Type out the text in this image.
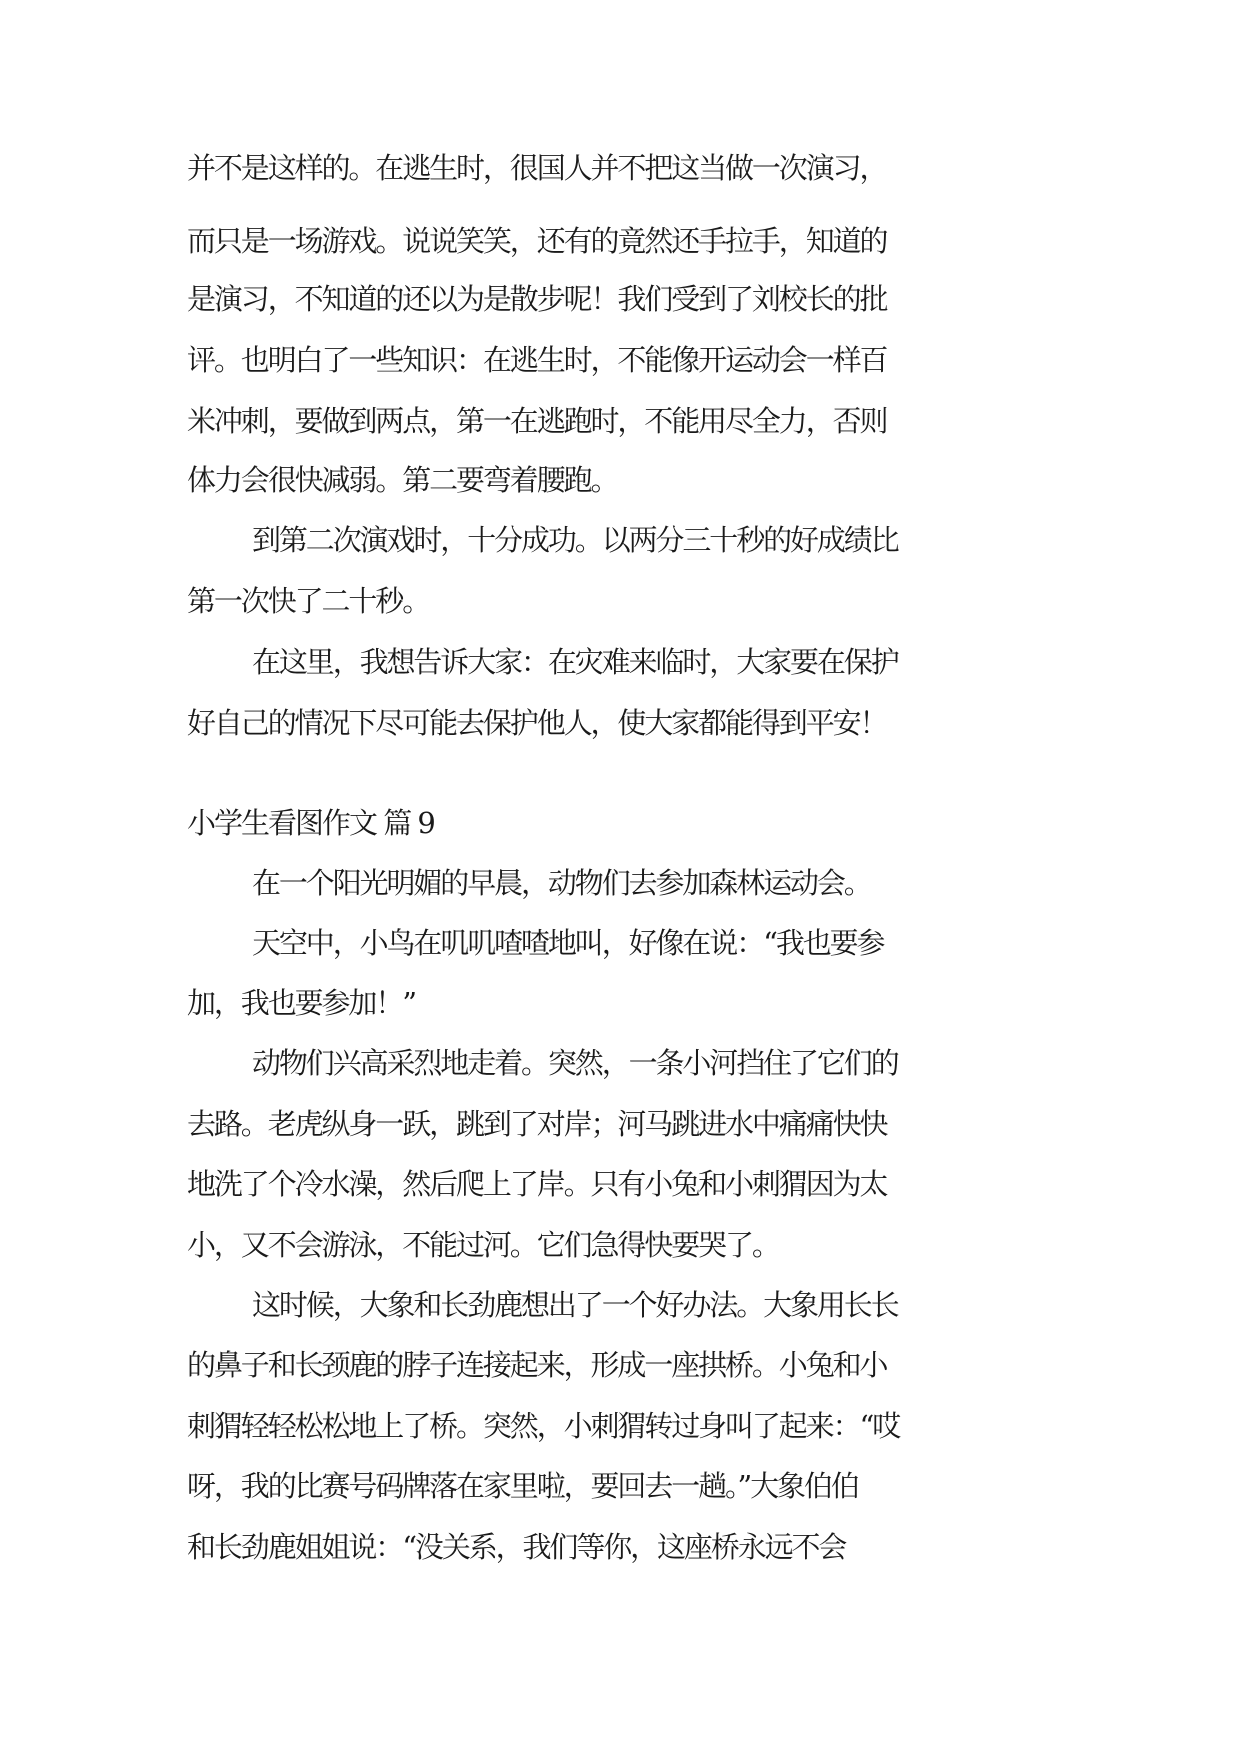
并不是这样的。在逃生时，很国人并不把这当做一次演习，
而只是一场游戏。说说笑笑，还有的竟然还手拉手，知道的
是演习，不知道的还以为是散步呢！我们受到了刘校长的批
评。也明白了一些知识：在逃生时，不能像开运动会一样百
米冲刺，要做到两点，第一在逃跑时，不能用尽全力，否则
体力会很快减弱。第二要弯着腰跑。
到第二次演戏时，十分成功。以两分三十秒的好成绩比
第一次快了二十秒。
在这里，我想告诉大家：在灾难来临时，大家要在保护
好自己的情况下尽可能去保护他人，使大家都能得到平安！
小学生看图作文 篇 9
在一个阳光明媚的早晨，动物们去参加森林运动会。
天空中，小鸟在叽叽喳喳地叫，好像在说：“我也要参
加，我也要参加！”
动物们兴高采烈地走着。突然，一条小河挡住了它们的
去路。老虎纵身一跃，跳到了对岸；河马跳进水中痛痛快快
地洗了个冷水澡，然后爬上了岸。只有小兔和小刺猬因为太
小，又不会游泳，不能过河。它们急得快要哭了。
这时候，大象和长劲鹿想出了一个好办法。大象用长长
的鼻子和长颈鹿的脖子连接起来，形成一座拱桥。小兔和小
刺猬轻轻松松地上了桥。突然，小刺猬转过身叫了起来：“哎
呀，我的比赛号码牌落在家里啦，要回去一趟。”大象伯伯
和长劲鹿姐姐说：“没关系，我们等你，这座桥永远不会
